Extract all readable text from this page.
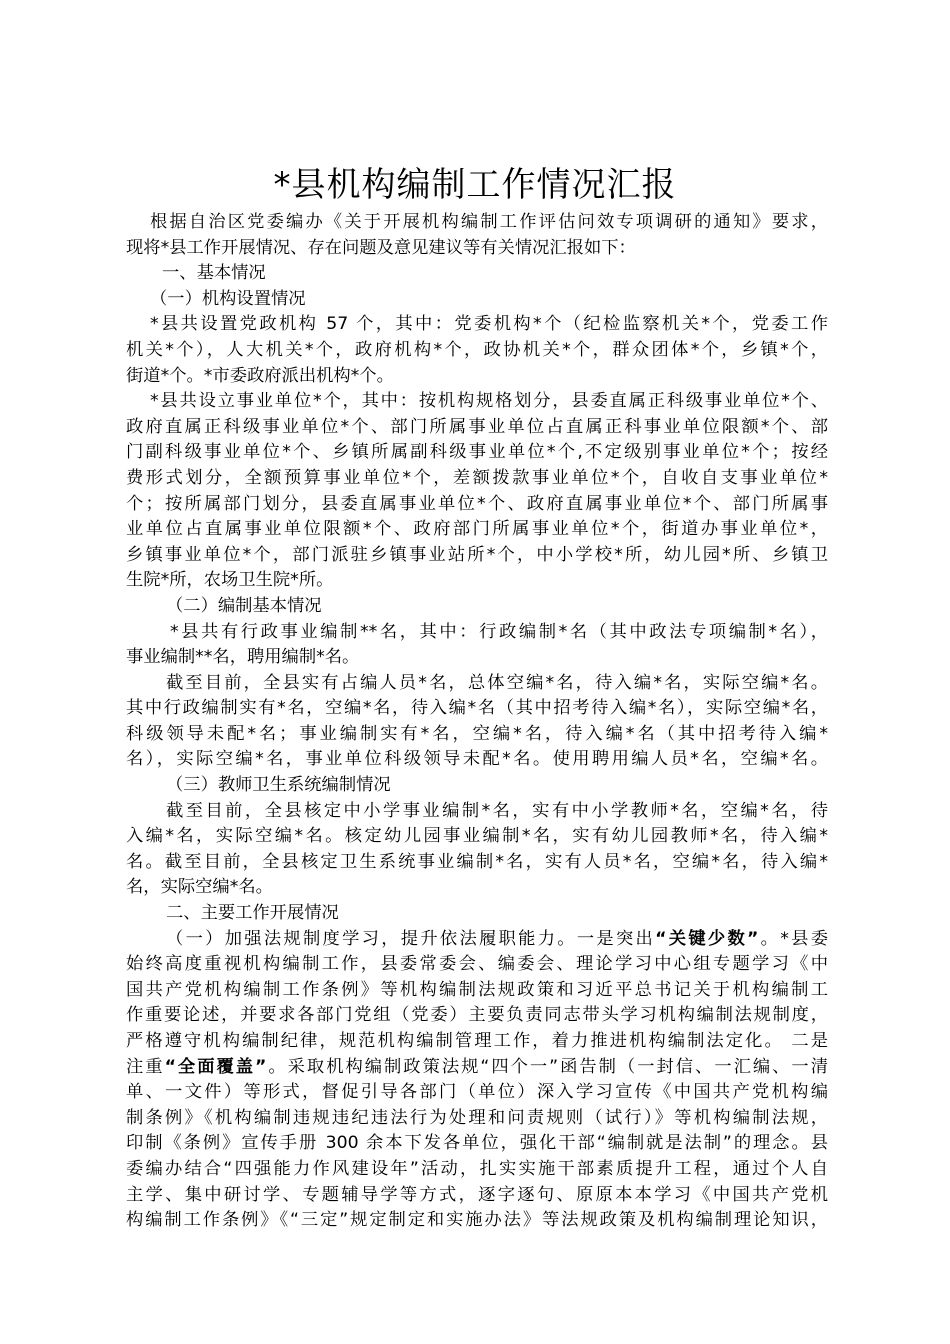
*县机构编制工作情况汇报
根据自治区党委编办《关于开展机构编制工作评估问效专项调研的通知》要求，
现将*县工作开展情况、存在问题及意见建议等有关情况汇报如下：
一、基本情况
（一）机构设置情况
*县共设置党政机构 57 个，其中：党委机构*个（纪检监察机关*个，党委工作
机关*个），人大机关*个，政府机构*个，政协机关*个，群众团体*个，乡镇*个，
街道*个。*市委政府派出机构*个。
*县共设立事业单位*个，其中：按机构规格划分，县委直属正科级事业单位*个、
政府直属正科级事业单位*个、部门所属事业单位占直属正科事业单位限额*个、部
门副科级事业单位*个、乡镇所属副科级事业单位*个,不定级别事业单位*个；按经
费形式划分，全额预算事业单位*个，差额拨款事业单位*个，自收自支事业单位*
个；按所属部门划分，县委直属事业单位*个、政府直属事业单位*个、部门所属事
业单位占直属事业单位限额*个、政府部门所属事业单位*个，街道办事业单位*，
乡镇事业单位*个，部门派驻乡镇事业站所*个，中小学校*所，幼儿园*所、乡镇卫
生院*所，农场卫生院*所。
（二）编制基本情况
*县共有行政事业编制**名，其中：行政编制*名（其中政法专项编制*名），
事业编制**名，聘用编制*名。
截至目前，全县实有占编人员*名，总体空编*名，待入编*名，实际空编*名。
其中行政编制实有*名，空编*名，待入编*名（其中招考待入编*名），实际空编*名，
科级领导未配*名；事业编制实有*名，空编*名，待入编*名（其中招考待入编*
名），实际空编*名，事业单位科级领导未配*名。使用聘用编人员*名，空编*名。
（三）教师卫生系统编制情况
截至目前，全县核定中小学事业编制*名，实有中小学教师*名，空编*名，待
入编*名，实际空编*名。核定幼儿园事业编制*名，实有幼儿园教师*名，待入编*
名。截至目前，全县核定卫生系统事业编制*名，实有人员*名，空编*名，待入编*
名，实际空编*名。
二、主要工作开展情况
（一）加强法规制度学习，提升依法履职能力。一是突出“关键少数”。*县委
始终高度重视机构编制工作，县委常委会、编委会、理论学习中心组专题学习《中
国共产党机构编制工作条例》等机构编制法规政策和习近平总书记关于机构编制工
作重要论述，并要求各部门党组（党委）主要负责同志带头学习机构编制法规制度，
严格遵守机构编制纪律，规范机构编制管理工作，着力推进机构编制法定化。 二是
注重“全面覆盖”。采取机构编制政策法规“四个一”函告制（一封信、一汇编、一清
单、一文件）等形式，督促引导各部门（单位）深入学习宣传《中国共产党机构编
制条例》《机构编制违规违纪违法行为处理和问责规则（试行）》等机构编制法规，
印制《条例》宣传手册 300 余本下发各单位，强化干部“编制就是法制”的理念。县
委编办结合“四强能力作风建设年”活动，扎实实施干部素质提升工程，通过个人自
主学、集中研讨学、专题辅导学等方式，逐字逐句、原原本本学习《中国共产党机
构编制工作条例》《“三定”规定制定和实施办法》等法规政策及机构编制理论知识，
